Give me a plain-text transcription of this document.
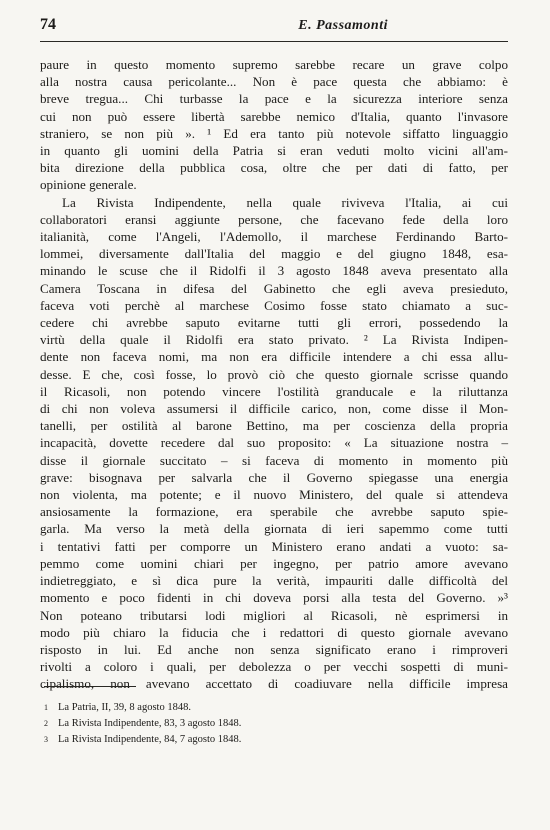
74	E. Passamonti
paure in questo momento supremo sarebbe recare un grave colpo
alla nostra causa pericolante... Non è pace questa che abbiamo: è
breve tregua... Chi turbasse la pace e la sicurezza interiore senza
cui non può essere libertà sarebbe nemico d'Italia, quanto l'invasore
straniero, se non più ». ¹ Ed era tanto più notevole siffatto linguaggio
in quanto gli uomini della Patria si eran veduti molto vicini all'am-
bita direzione della pubblica cosa, oltre che per dati di fatto, per
opinione generale.
La Rivista Indipendente, nella quale riviveva l'Italia, ai cui
collaboratori eransi aggiunte persone, che facevano fede della loro
italianità, come l'Angeli, l'Ademollo, il marchese Ferdinando Barto-
lommei, diversamente dall'Italia del maggio e del giugno 1848, esa-
minando le scuse che il Ridolfi il 3 agosto 1848 aveva presentato alla
Camera Toscana in difesa del Gabinetto che egli aveva presieduto,
faceva voti perchè al marchese Cosimo fosse stato chiamato a suc-
cedere chi avrebbe saputo evitarne tutti gli errori, possedendo la
virtù della quale il Ridolfi era stato privato. ² La Rivista Indipen-
dente non faceva nomi, ma non era difficile intendere a chi essa allu-
desse. E che, così fosse, lo provò ciò che questo giornale scrisse quando
il Ricasoli, non potendo vincere l'ostilità granducale e la riluttanza
di chi non voleva assumersi il difficile carico, non, come disse il Mon-
tanelli, per ostilità al barone Bettino, ma per coscienza della propria
incapacità, dovette recedere dal suo proposito: « La situazione nostra –
disse il giornale succitato – si faceva di momento in momento più
grave: bisognava per salvarla che il Governo spiegasse una energia
non violenta, ma potente; e il nuovo Ministero, del quale si attendeva
ansiosamente la formazione, era sperabile che avrebbe saputo spie-
garla. Ma verso la metà della giornata di ieri sapemmo come tutti
i tentativi fatti per comporre un Ministero erano andati a vuoto: sa-
pemmo come uomini chiari per ingegno, per patrio amore avevano
indietreggiato, e sì dica pure la verità, impauriti dalle difficoltà del
momento e poco fidenti in chi doveva porsi alla testa del Governo. »³
Non poteano tributarsi lodi migliori al Ricasoli, nè esprimersi in
modo più chiaro la fiducia che i redattori di questo giornale avevano
risposto in lui. Ed anche non senza significato erano i rimproveri
rivolti a coloro i quali, per debolezza o per vecchi sospetti di muni-
cipalismo, non avevano accettato di coadiuvare nella difficile impresa
1 La Patria, II, 39, 8 agosto 1848.
2 La Rivista Indipendente, 83, 3 agosto 1848.
3 La Rivista Indipendente, 84, 7 agosto 1848.
